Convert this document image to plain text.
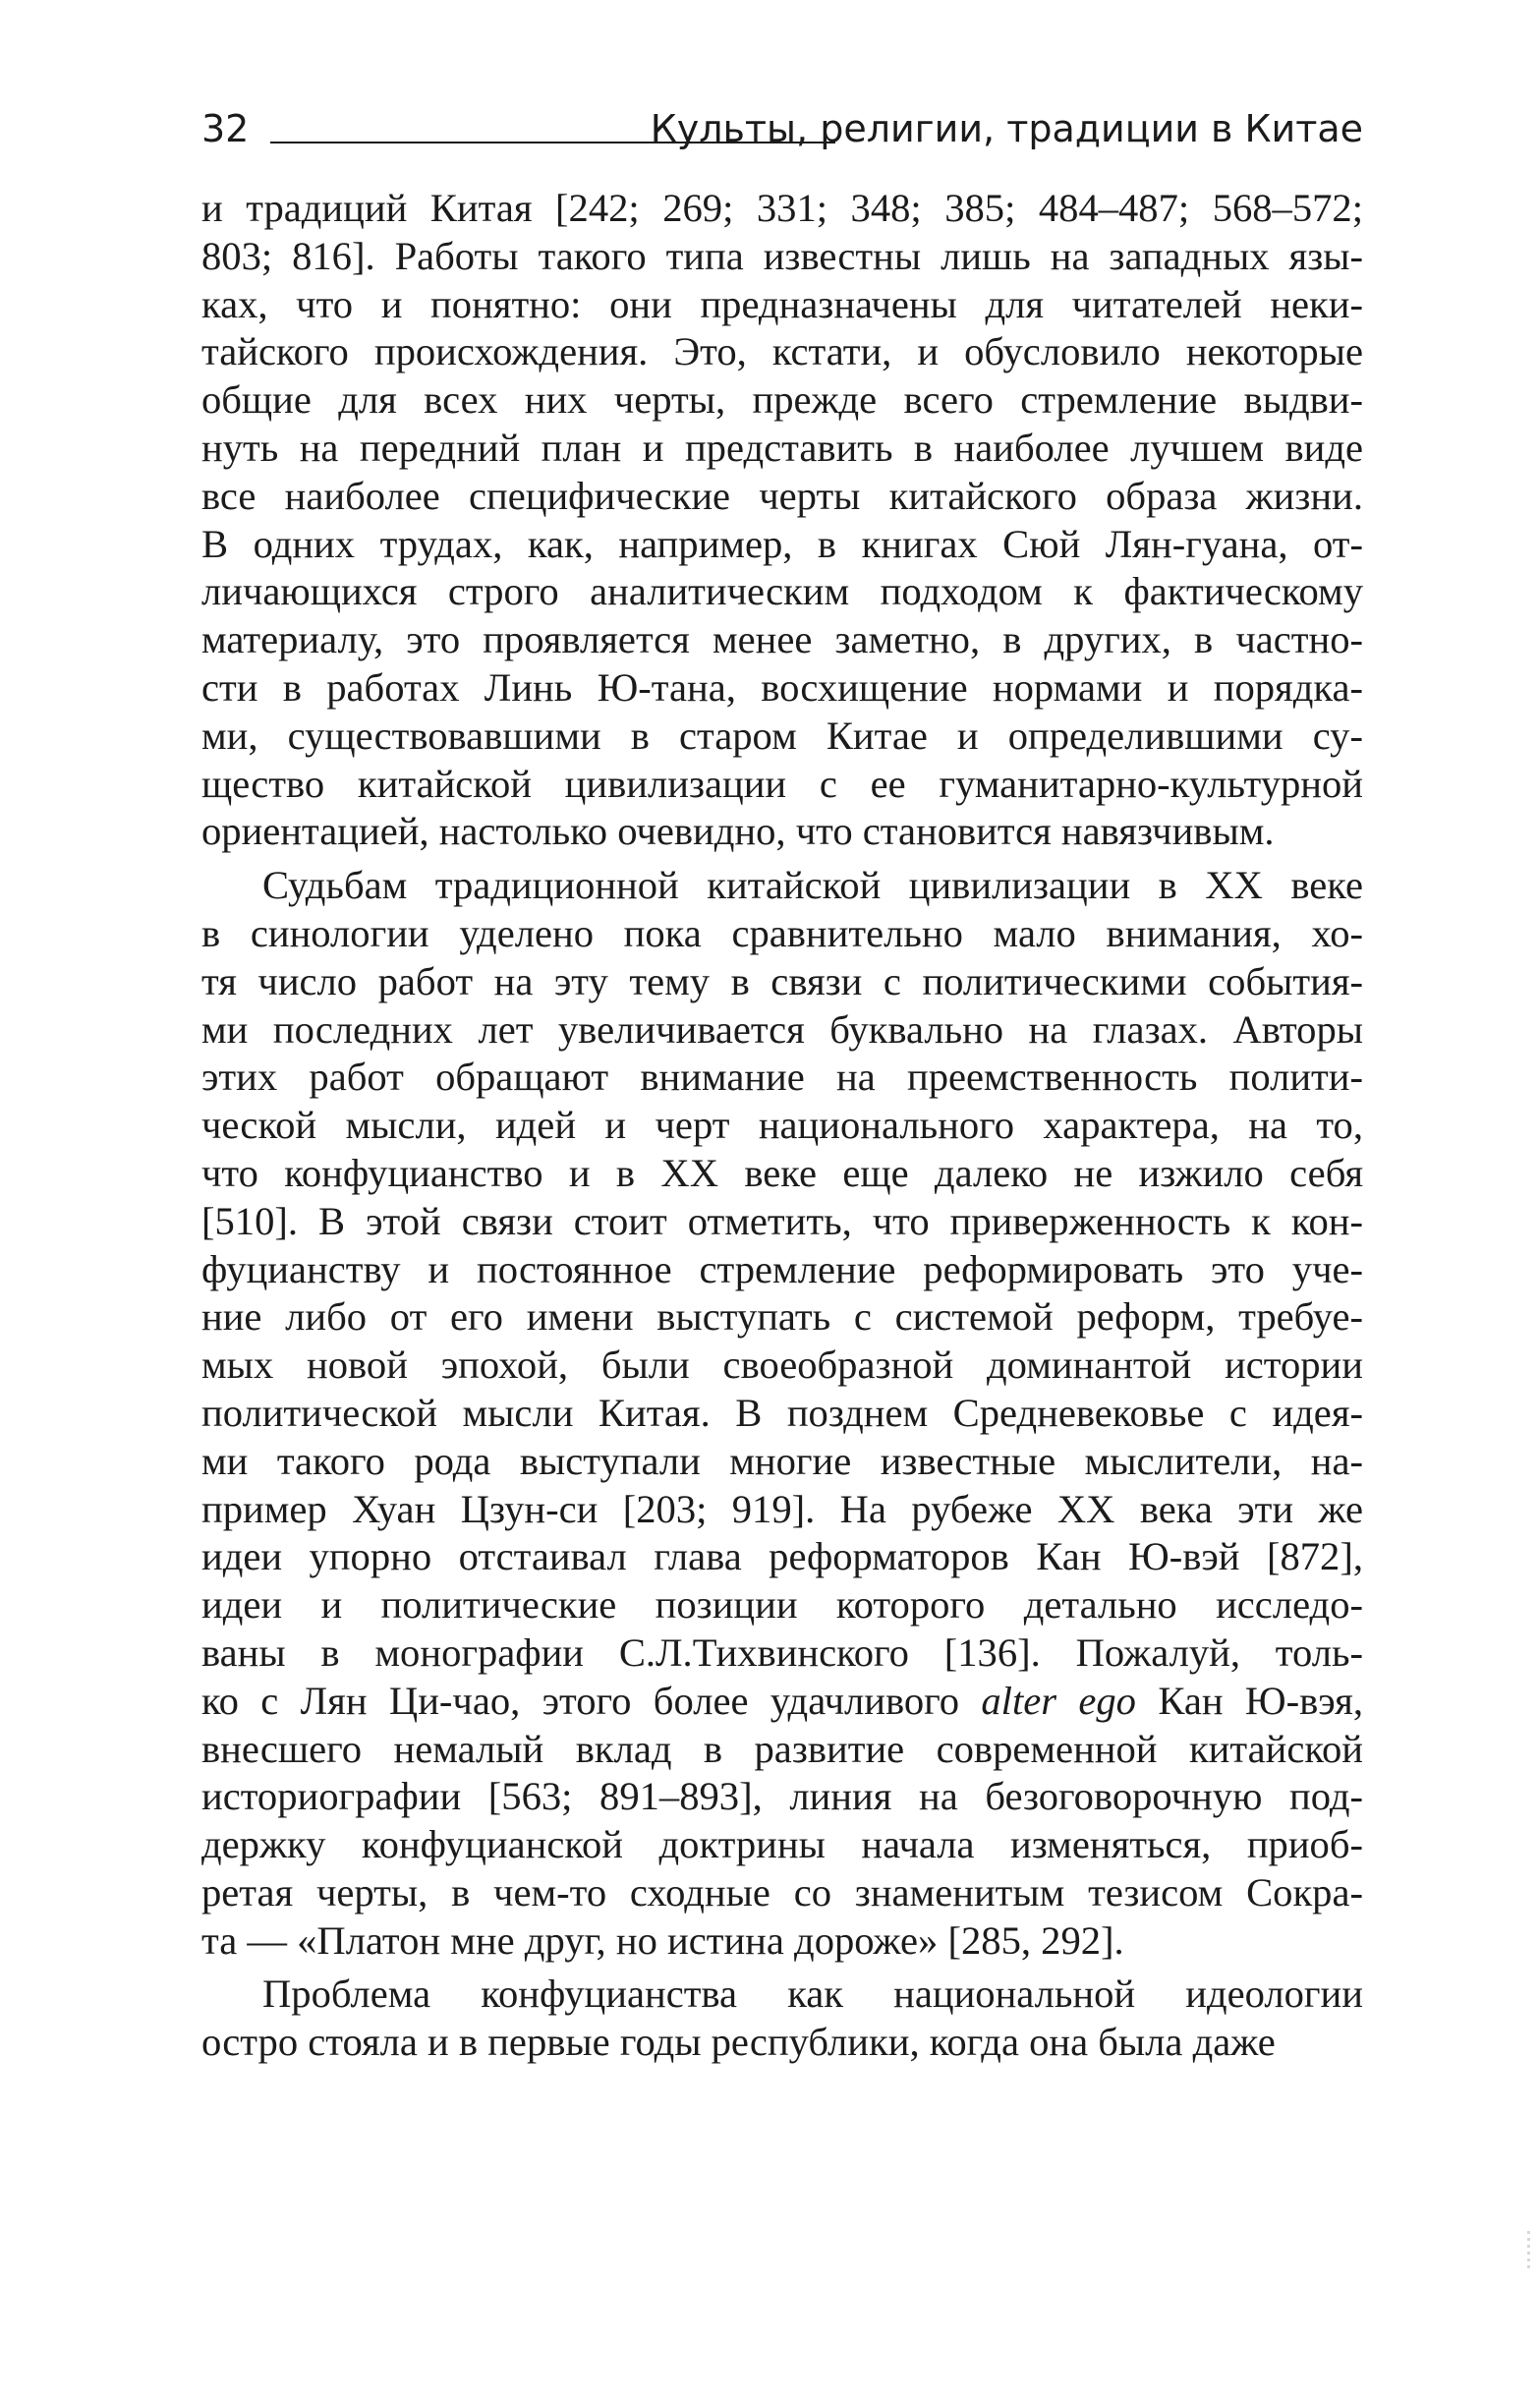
32	Культы, религии, традиции в Китае

и традиций Китая [242; 269; 331; 348; 385; 484–487; 568–572;
803; 816]. Работы такого типа известны лишь на западных язы-
ках, что и понятно: они предназначены для читателей неки-
тайского происхождения. Это, кстати, и обусловило некоторые
общие для всех них черты, прежде всего стремление выдви-
нуть на передний план и представить в наиболее лучшем виде
все наиболее специфические черты китайского образа жизни.
В одних трудах, как, например, в книгах Сюй Лян-гуана, от-
личающихся строго аналитическим подходом к фактическому
материалу, это проявляется менее заметно, в других, в частно-
сти в работах Линь Ю-тана, восхищение нормами и порядка-
ми, существовавшими в старом Китае и определившими су-
щество китайской цивилизации с ее гуманитарно-культурной
ориентацией, настолько очевидно, что становится навязчивым.

Судьбам традиционной китайской цивилизации в XX веке
в синологии уделено пока сравнительно мало внимания, хо-
тя число работ на эту тему в связи с политическими события-
ми последних лет увеличивается буквально на глазах. Авторы
этих работ обращают внимание на преемственность полити-
ческой мысли, идей и черт национального характера, на то,
что конфуцианство и в XX веке еще далеко не изжило себя
[510]. В этой связи стоит отметить, что приверженность к кон-
фуцианству и постоянное стремление реформировать это уче-
ние либо от его имени выступать с системой реформ, требуе-
мых новой эпохой, были своеобразной доминантой истории
политической мысли Китая. В позднем Средневековье с идея-
ми такого рода выступали многие известные мыслители, на-
пример Хуан Цзун-си [203; 919]. На рубеже XX века эти же
идеи упорно отстаивал глава реформаторов Кан Ю-вэй [872],
идеи и политические позиции которого детально исследо-
ваны в монографии С.Л.Тихвинского [136]. Пожалуй, толь-
ко с Лян Ци-чао, этого более удачливого alter ego Кан Ю-вэя,
внесшего немалый вклад в развитие современной китайской
историографии [563; 891–893], линия на безоговорочную под-
держку конфуцианской доктрины начала изменяться, приоб-
ретая черты, в чем-то сходные со знаменитым тезисом Сокра-
та — «Платон мне друг, но истина дороже» [285, 292].

Проблема конфуцианства как национальной идеологии
остро стояла и в первые годы республики, когда она была даже
